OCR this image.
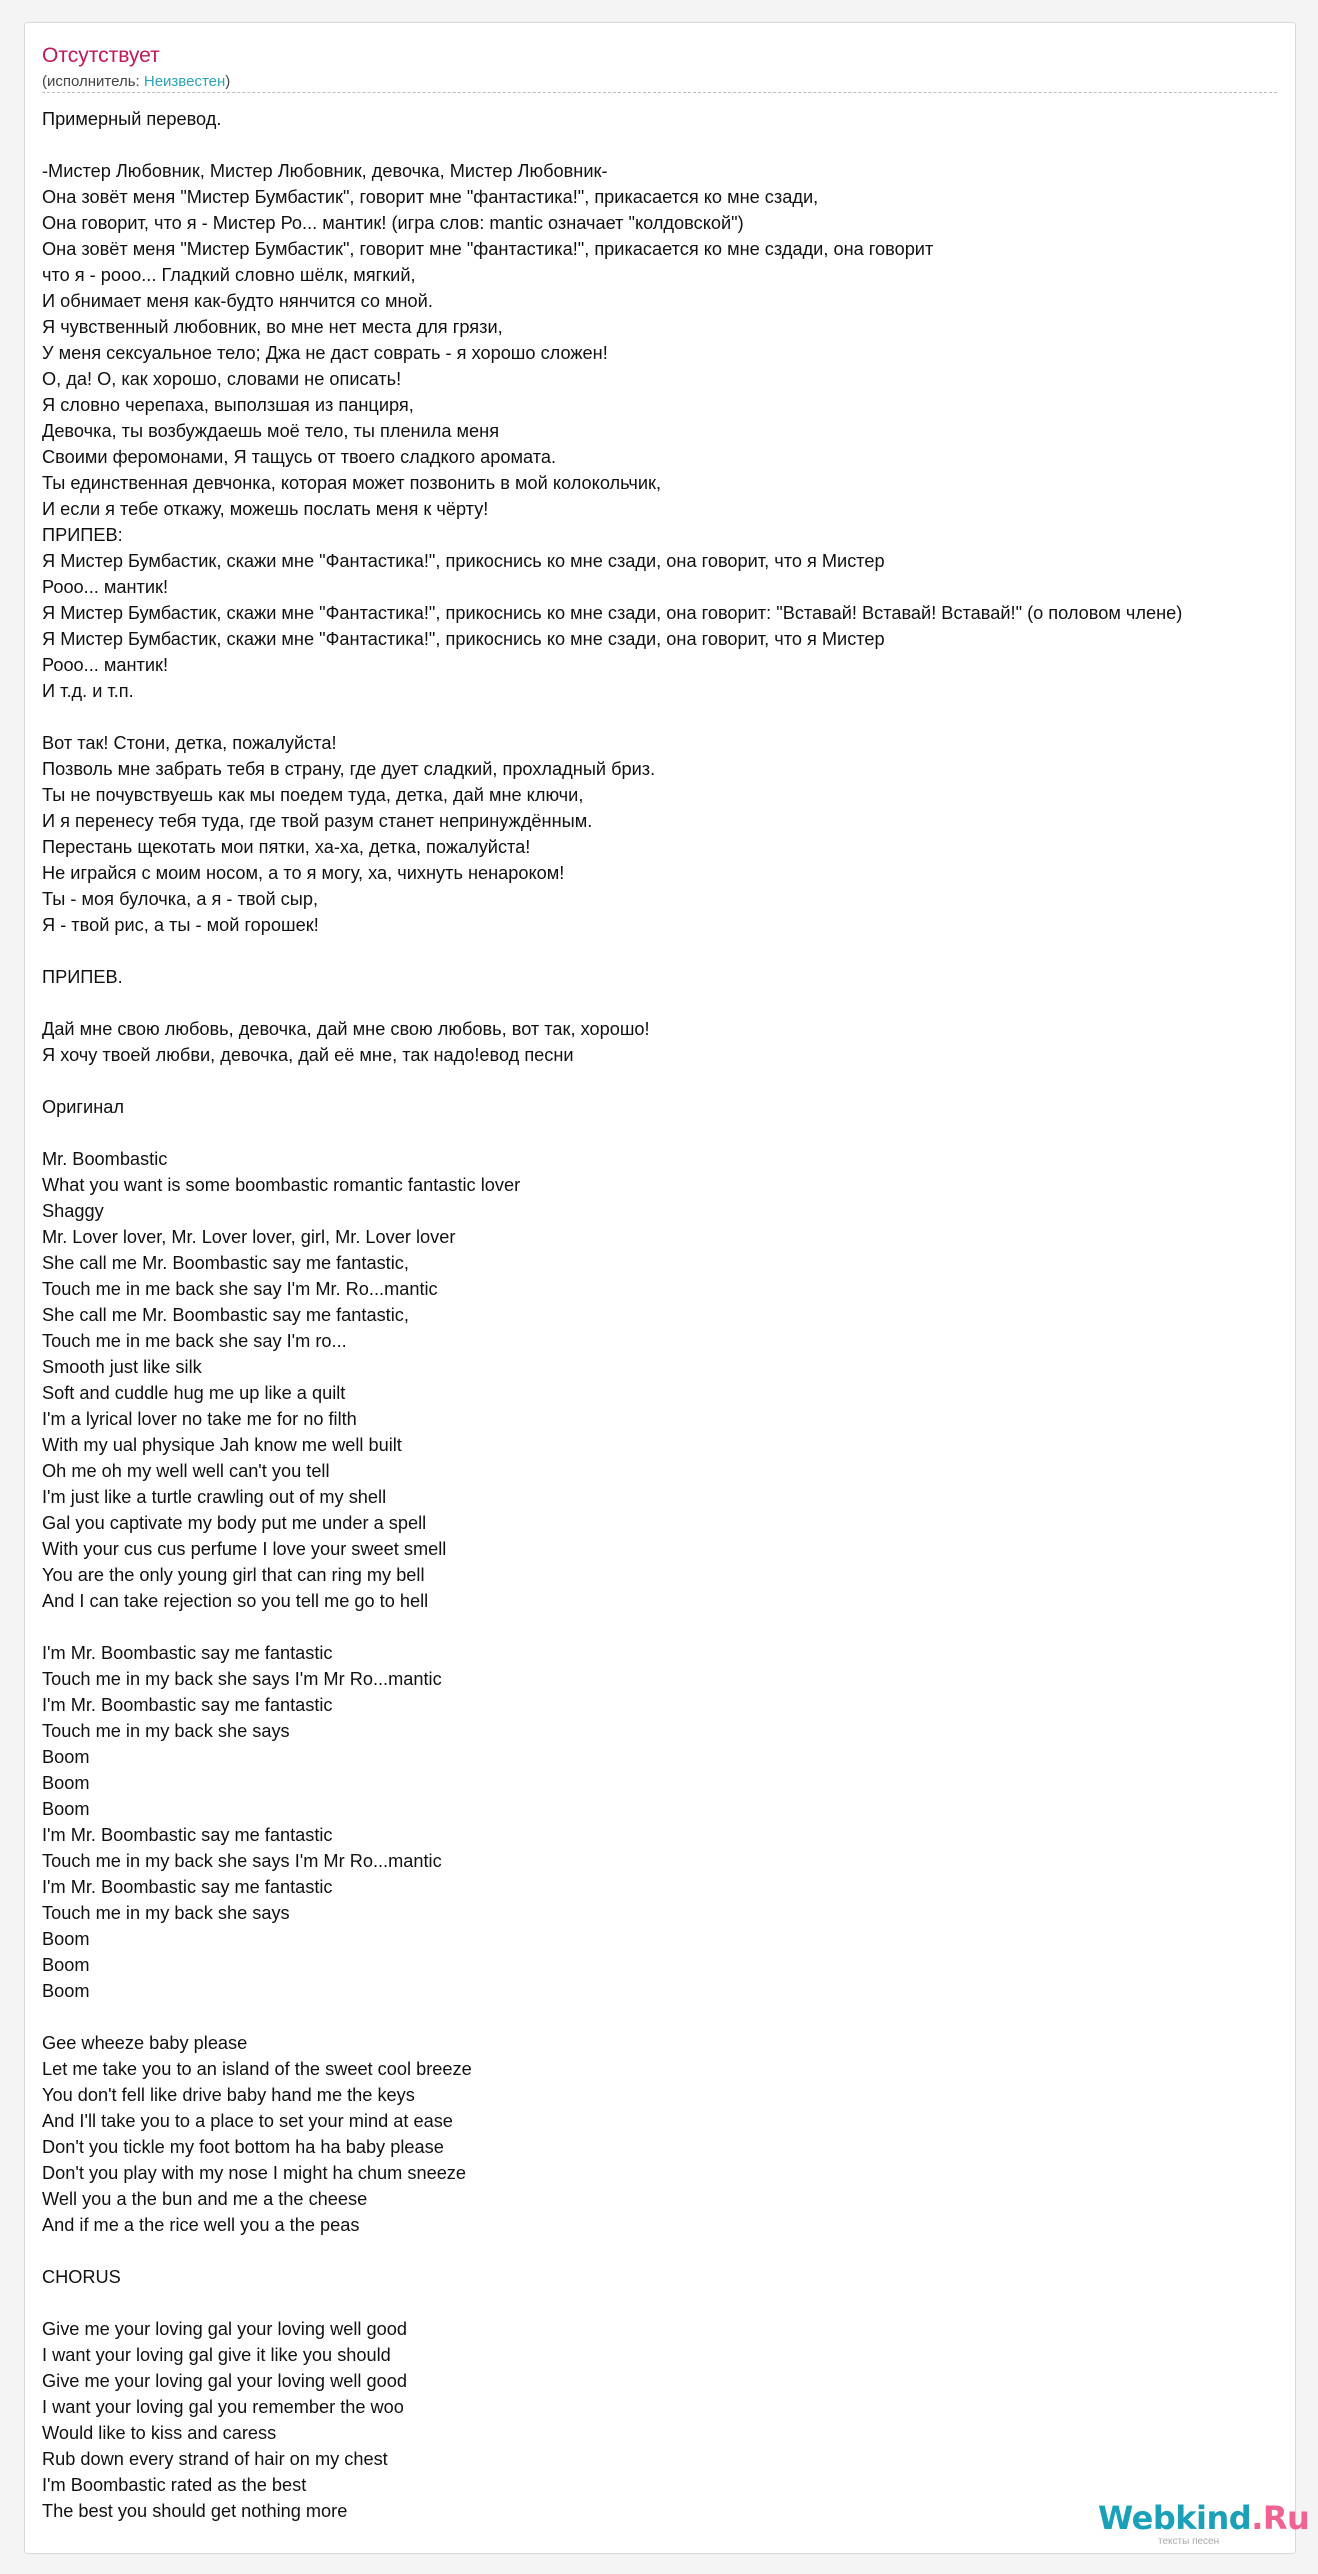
Отсутствует
(исполнитель: Неизвестен)
Примерный перевод.
-Мистер Любовник, Мистер Любовник, девочка, Мистер Любовник-
Она зовёт меня "Мистер Бумбастик", говорит мне "фантастика!", прикасается ко мне сзади,
Она говорит, что я - Мистер Ро... мантик! (игра слов: mantic означает "колдовской")
Она зовёт меня "Мистер Бумбастик", говорит мне "фантастика!", прикасается ко мне сздади, она говорит
что я - рооо... Гладкий словно шёлк, мягкий,
И обнимает меня как-будто нянчится со мной.
Я чувственный любовник, во мне нет места для грязи,
У меня сексуальное тело; Джа не даст соврать - я хорошо сложен!
О, да! О, как хорошо, словами не описать!
Я словно черепаха, выползшая из панциря,
Девочка, ты возбуждаешь моё тело, ты пленила меня
Своими феромонами, Я тащусь от твоего сладкого аромата.
Ты единственная девчонка, которая может позвонить в мой колокольчик,
И если я тебе откажу, можешь послать меня к чёрту!
ПРИПЕВ:
Я Мистер Бумбастик, скажи мне "Фантастика!", прикоснись ко мне сзади, она говорит, что я Мистер
Рооо... мантик!
Я Мистер Бумбастик, скажи мне "Фантастика!", прикоснись ко мне сзади, она говорит: "Вставай! Вставай! Вставай!" (о половом члене)
Я Мистер Бумбастик, скажи мне "Фантастика!", прикоснись ко мне сзади, она говорит, что я Мистер
Рооо... мантик!
И т.д. и т.п.
Вот так! Стони, детка, пожалуйста!
Позволь мне забрать тебя в страну, где дует сладкий, прохладный бриз.
Ты не почувствуешь как мы поедем туда, детка, дай мне ключи,
И я перенесу тебя туда, где твой разум станет непринуждённым.
Перестань щекотать мои пятки, ха-ха, детка, пожалуйста!
Не играйся с моим носом, а то я могу, ха, чихнуть ненароком!
Ты - моя булочка, а я - твой сыр,
Я - твой рис, а ты - мой горошек!
ПРИПЕВ.
Дай мне свою любовь, девочка, дай мне свою любовь, вот так, хорошо!
Я хочу твоей любви, девочка, дай её мне, так надо!евод песни
Оригинал
Mr. Boombastic
What you want is some boombastic romantic fantastic lover
Shaggy
Mr. Lover lover, Mr. Lover lover, girl, Mr. Lover lover
She call me Mr. Boombastic say me fantastic,
Touch me in me back she say I'm Mr. Ro...mantic
She call me Mr. Boombastic say me fantastic,
Touch me in me back she say I'm ro...
Smooth just like silk
Soft and cuddle hug me up like a quilt
I'm a lyrical lover no take me for no filth
With my ual physique Jah know me well built
Oh me oh my well well can't you tell
I'm just like a turtle crawling out of my shell
Gal you captivate my body put me under a spell
With your cus cus perfume I love your sweet smell
You are the only young girl that can ring my bell
And I can take rejection so you tell me go to hell
I'm Mr. Boombastic say me fantastic
Touch me in my back she says I'm Mr Ro...mantic
I'm Mr. Boombastic say me fantastic
Touch me in my back she says
Boom
Boom
Boom
I'm Mr. Boombastic say me fantastic
Touch me in my back she says I'm Mr Ro...mantic
I'm Mr. Boombastic say me fantastic
Touch me in my back she says
Boom
Boom
Boom
Gee wheeze baby please
Let me take you to an island of the sweet cool breeze
You don't fell like drive baby hand me the keys
And I'll take you to a place to set your mind at ease
Don't you tickle my foot bottom ha ha baby please
Don't you play with my nose I might ha chum sneeze
Well you a the bun and me a the cheese
And if me a the rice well you a the peas
CHORUS
Give me your loving gal your loving well good
I want your loving gal give it like you should
Give me your loving gal your loving well good
I want your loving gal you remember the woo
Would like to kiss and caress
Rub down every strand of hair on my chest
I'm Boombastic rated as the best
The best you should get nothing more	Webkind.Ru
тексты песен
